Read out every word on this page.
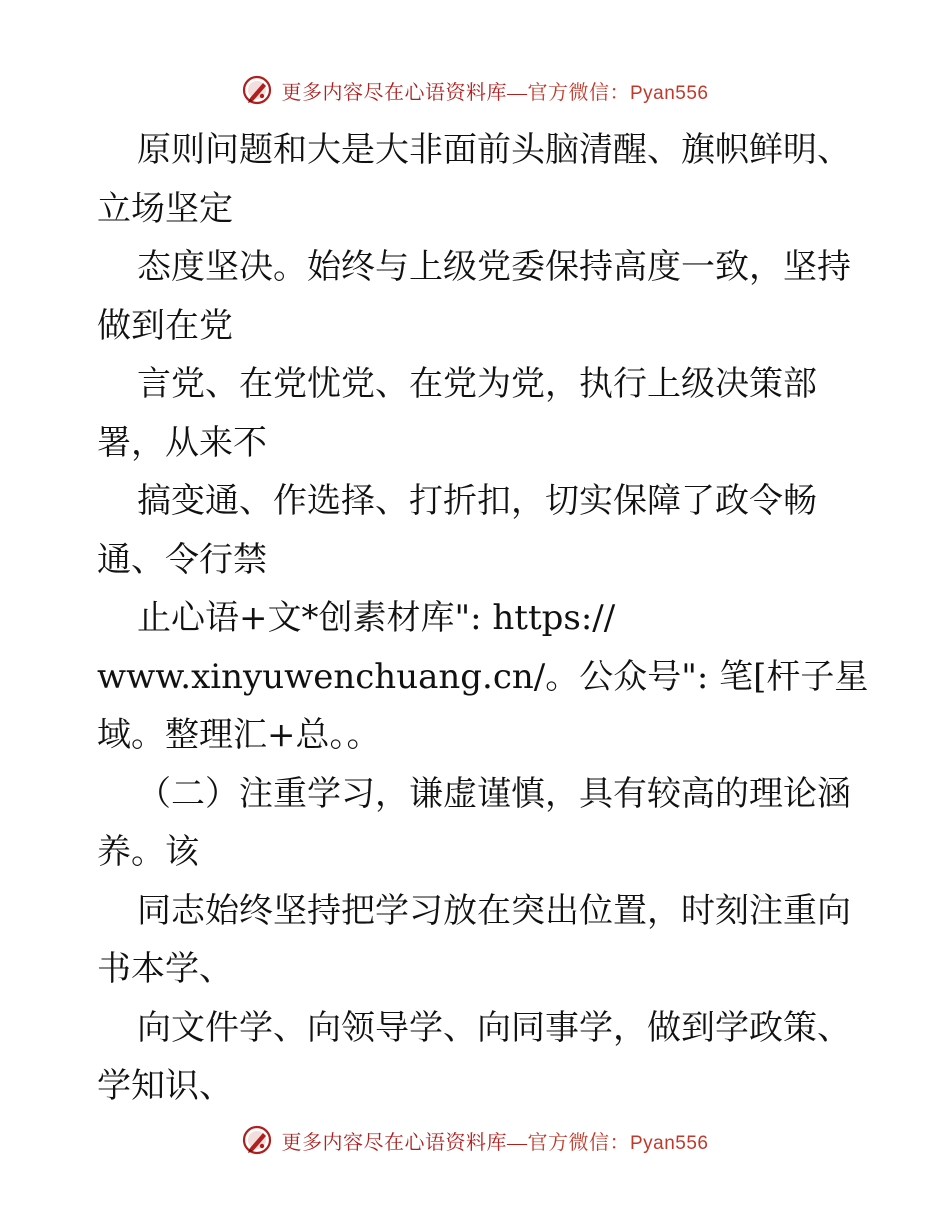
更多内容尽在心语资料库—官方微信：Pyan556
原则问题和大是大非面前头脑清醒、旗帜鲜明、
立场坚定
态度坚决。始终与上级党委保持高度一致，坚持
做到在党
言党、在党忧党、在党为党，执行上级决策部
署，从来不
搞变通、作选择、打折扣，切实保障了政令畅
通、令行禁
止心语+文*创素材库": https://
www.xinyuwenchuang.cn/。公众号": 笔[杆子星
域。整理汇+总。。
（二）注重学习，谦虚谨慎，具有较高的理论涵
养。该
同志始终坚持把学习放在突出位置，时刻注重向
书本学、
向文件学、向领导学、向同事学，做到学政策、
学知识、
更多内容尽在心语资料库—官方微信：Pyan556
